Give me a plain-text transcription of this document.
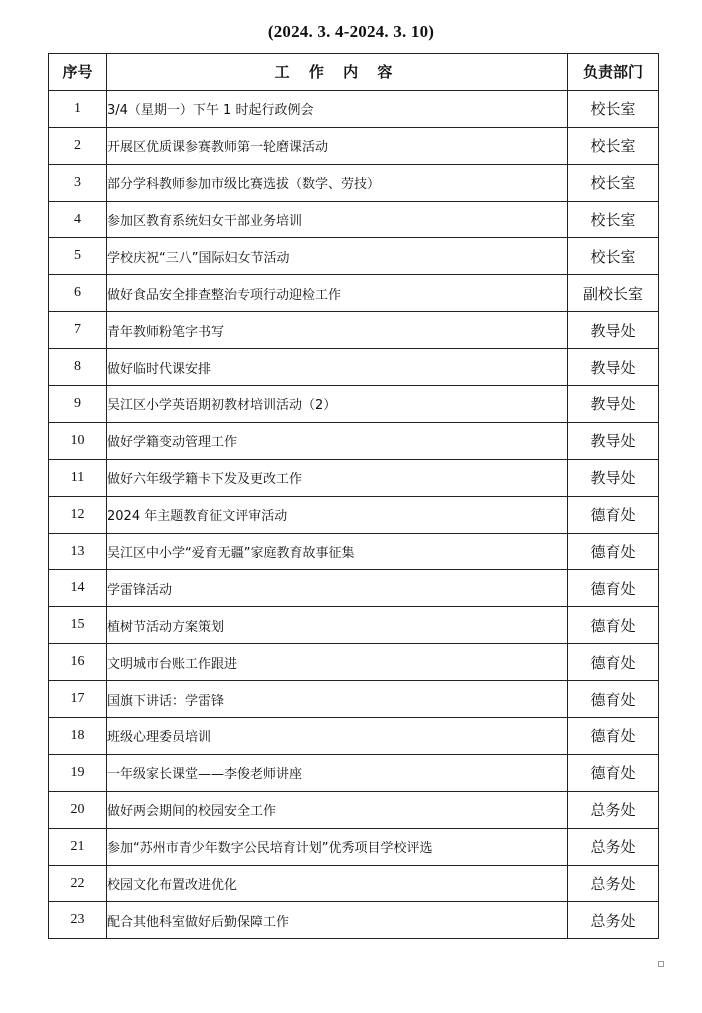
(2024. 3. 4-2024. 3. 10)
序号	工 作 内 容	负责部门
1	3/4（星期一）下午 1 时起行政例会	校长室
2	开展区优质课参赛教师第一轮磨课活动	校长室
3	部分学科教师参加市级比赛选拔（数学、劳技）	校长室
4	参加区教育系统妇女干部业务培训	校长室
5	学校庆祝“三八”国际妇女节活动	校长室
6	做好食品安全排查整治专项行动迎检工作	副校长室
7	青年教师粉笔字书写	教导处
8	做好临时代课安排	教导处
9	吴江区小学英语期初教材培训活动（2）	教导处
10	做好学籍变动管理工作	教导处
11	做好六年级学籍卡下发及更改工作	教导处
12	2024 年主题教育征文评审活动	德育处
13	吴江区中小学“爱育无疆”家庭教育故事征集	德育处
14	学雷锋活动	德育处
15	植树节活动方案策划	德育处
16	文明城市台账工作跟进	德育处
17	国旗下讲话：学雷锋	德育处
18	班级心理委员培训	德育处
19	一年级家长课堂——李俊老师讲座	德育处
20	做好两会期间的校园安全工作	总务处
21	参加“苏州市青少年数字公民培育计划”优秀项目学校评选	总务处
22	校园文化布置改进优化	总务处
23	配合其他科室做好后勤保障工作	总务处
